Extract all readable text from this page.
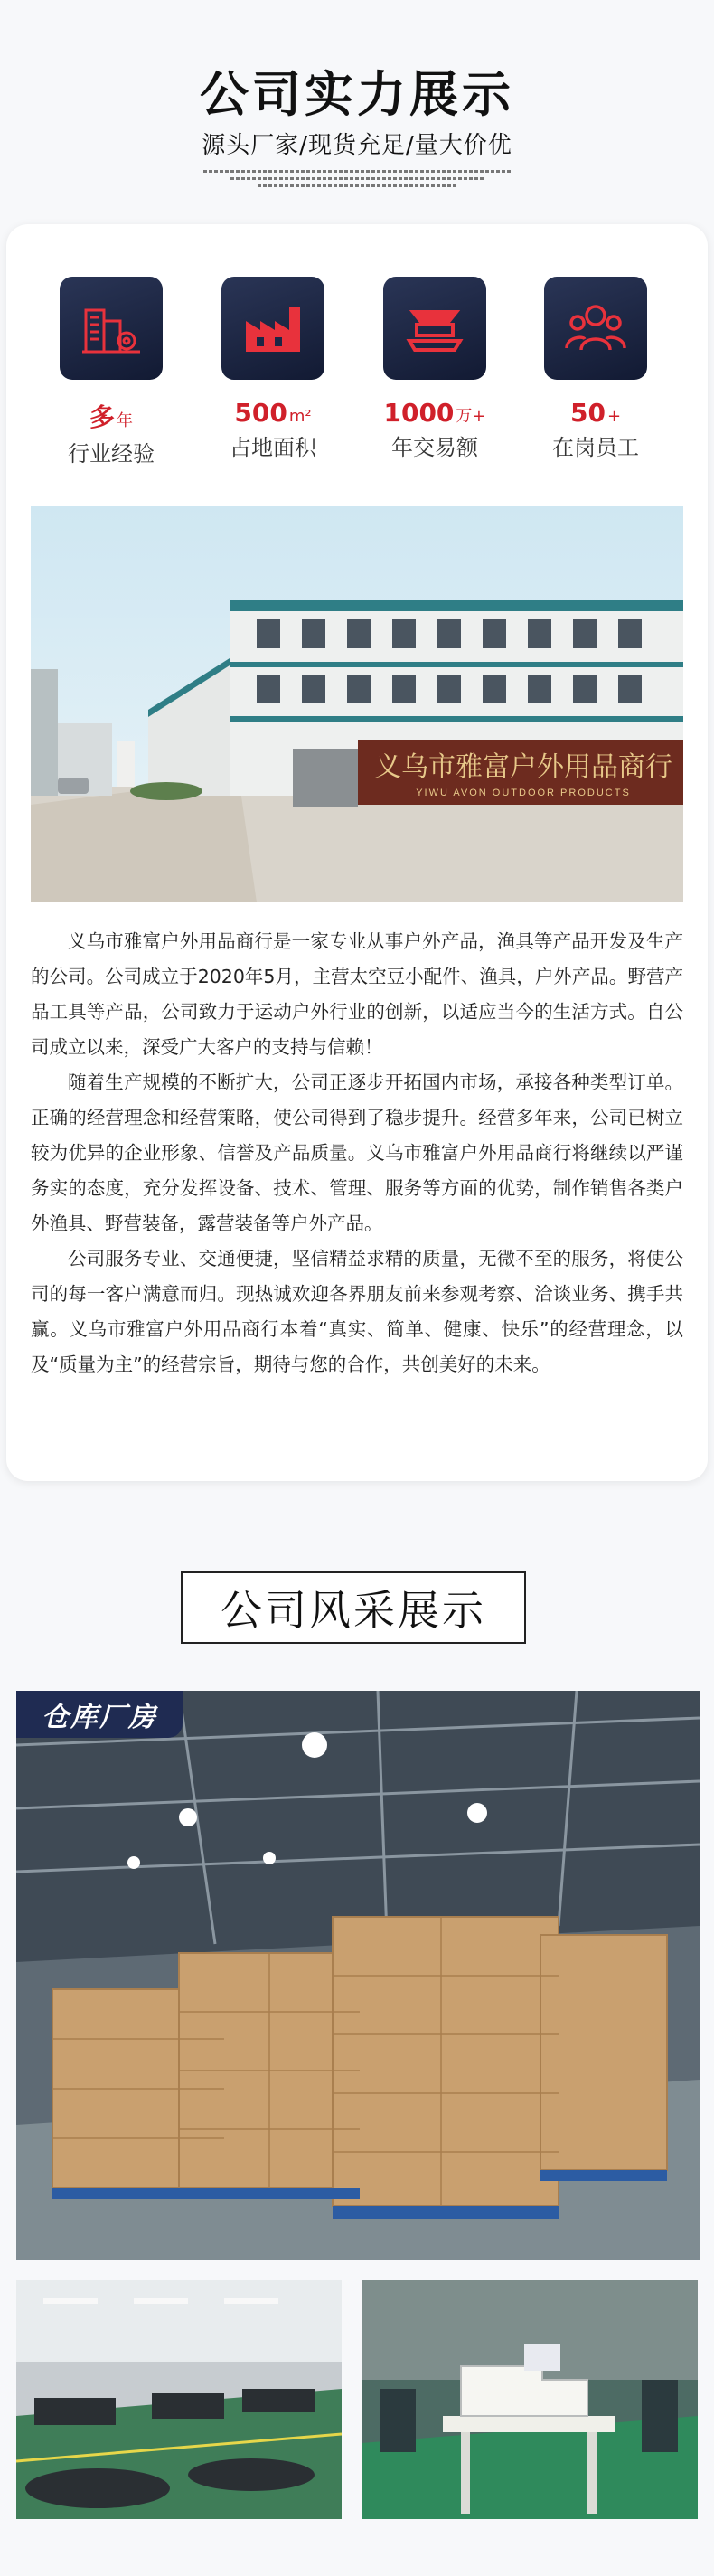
公司实力展示
源头厂家/现货充足/量大价优
多年
行业经验
500 m²
占地面积
1000 万+
年交易额
50 +
在岗员工
义乌市雅富户外用品商行
YIWU AVON OUTDOOR PRODUCTS

义乌市雅富户外用品商行是一家专业从事户外产品，渔具等产品开发及生产的公司。公司成立于2020年5月，主营太空豆小配件、渔具，户外产品。野营产品工具等产品，公司致力于运动户外行业的创新，以适应当今的生活方式。自公司成立以来，深受广大客户的支持与信赖！

随着生产规模的不断扩大，公司正逐步开拓国内市场，承接各种类型订单。正确的经营理念和经营策略，使公司得到了稳步提升。经营多年来，公司已树立较为优异的企业形象、信誉及产品质量。义乌市雅富户外用品商行将继续以严谨务实的态度，充分发挥设备、技术、管理、服务等方面的优势，制作销售各类户外渔具、野营装备，露营装备等户外产品。

公司服务专业、交通便捷，坚信精益求精的质量，无微不至的服务，将使公司的每一客户满意而归。现热诚欢迎各界朋友前来参观考察、洽谈业务、携手共赢。义乌市雅富户外用品商行本着“真实、简单、健康、快乐”的经营理念，以及“质量为主”的经营宗旨，期待与您的合作，共创美好的未来。

公司风采展示
仓库厂房
